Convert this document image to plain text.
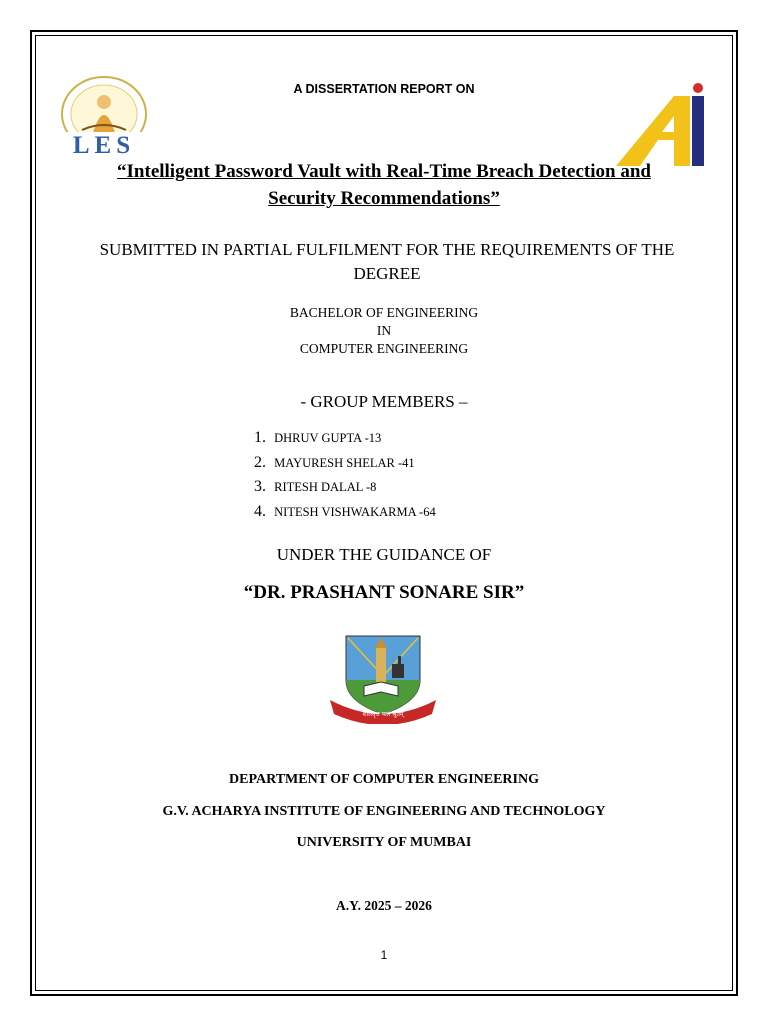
LES

A DISSERTATION REPORT ON

“Intelligent Password Vault with Real-Time Breach Detection and Security Recommendations”

SUBMITTED IN PARTIAL FULFILMENT FOR THE REQUIREMENTS OF THE DEGREE

BACHELOR OF ENGINEERING
IN
COMPUTER ENGINEERING

- GROUP MEMBERS –

1. DHRUV GUPTA -13
2. MAYURESH SHELAR -41
3. RITESH DALAL -8
4. NITESH VISHWAKARMA -64

UNDER THE GUIDANCE OF

“DR. PRASHANT SONARE SIR”

शीलवृत्त फलं श्रुतम्

DEPARTMENT OF COMPUTER ENGINEERING

G.V. ACHARYA INSTITUTE OF ENGINEERING AND TECHNOLOGY

UNIVERSITY OF MUMBAI

A.Y. 2025 – 2026

1
